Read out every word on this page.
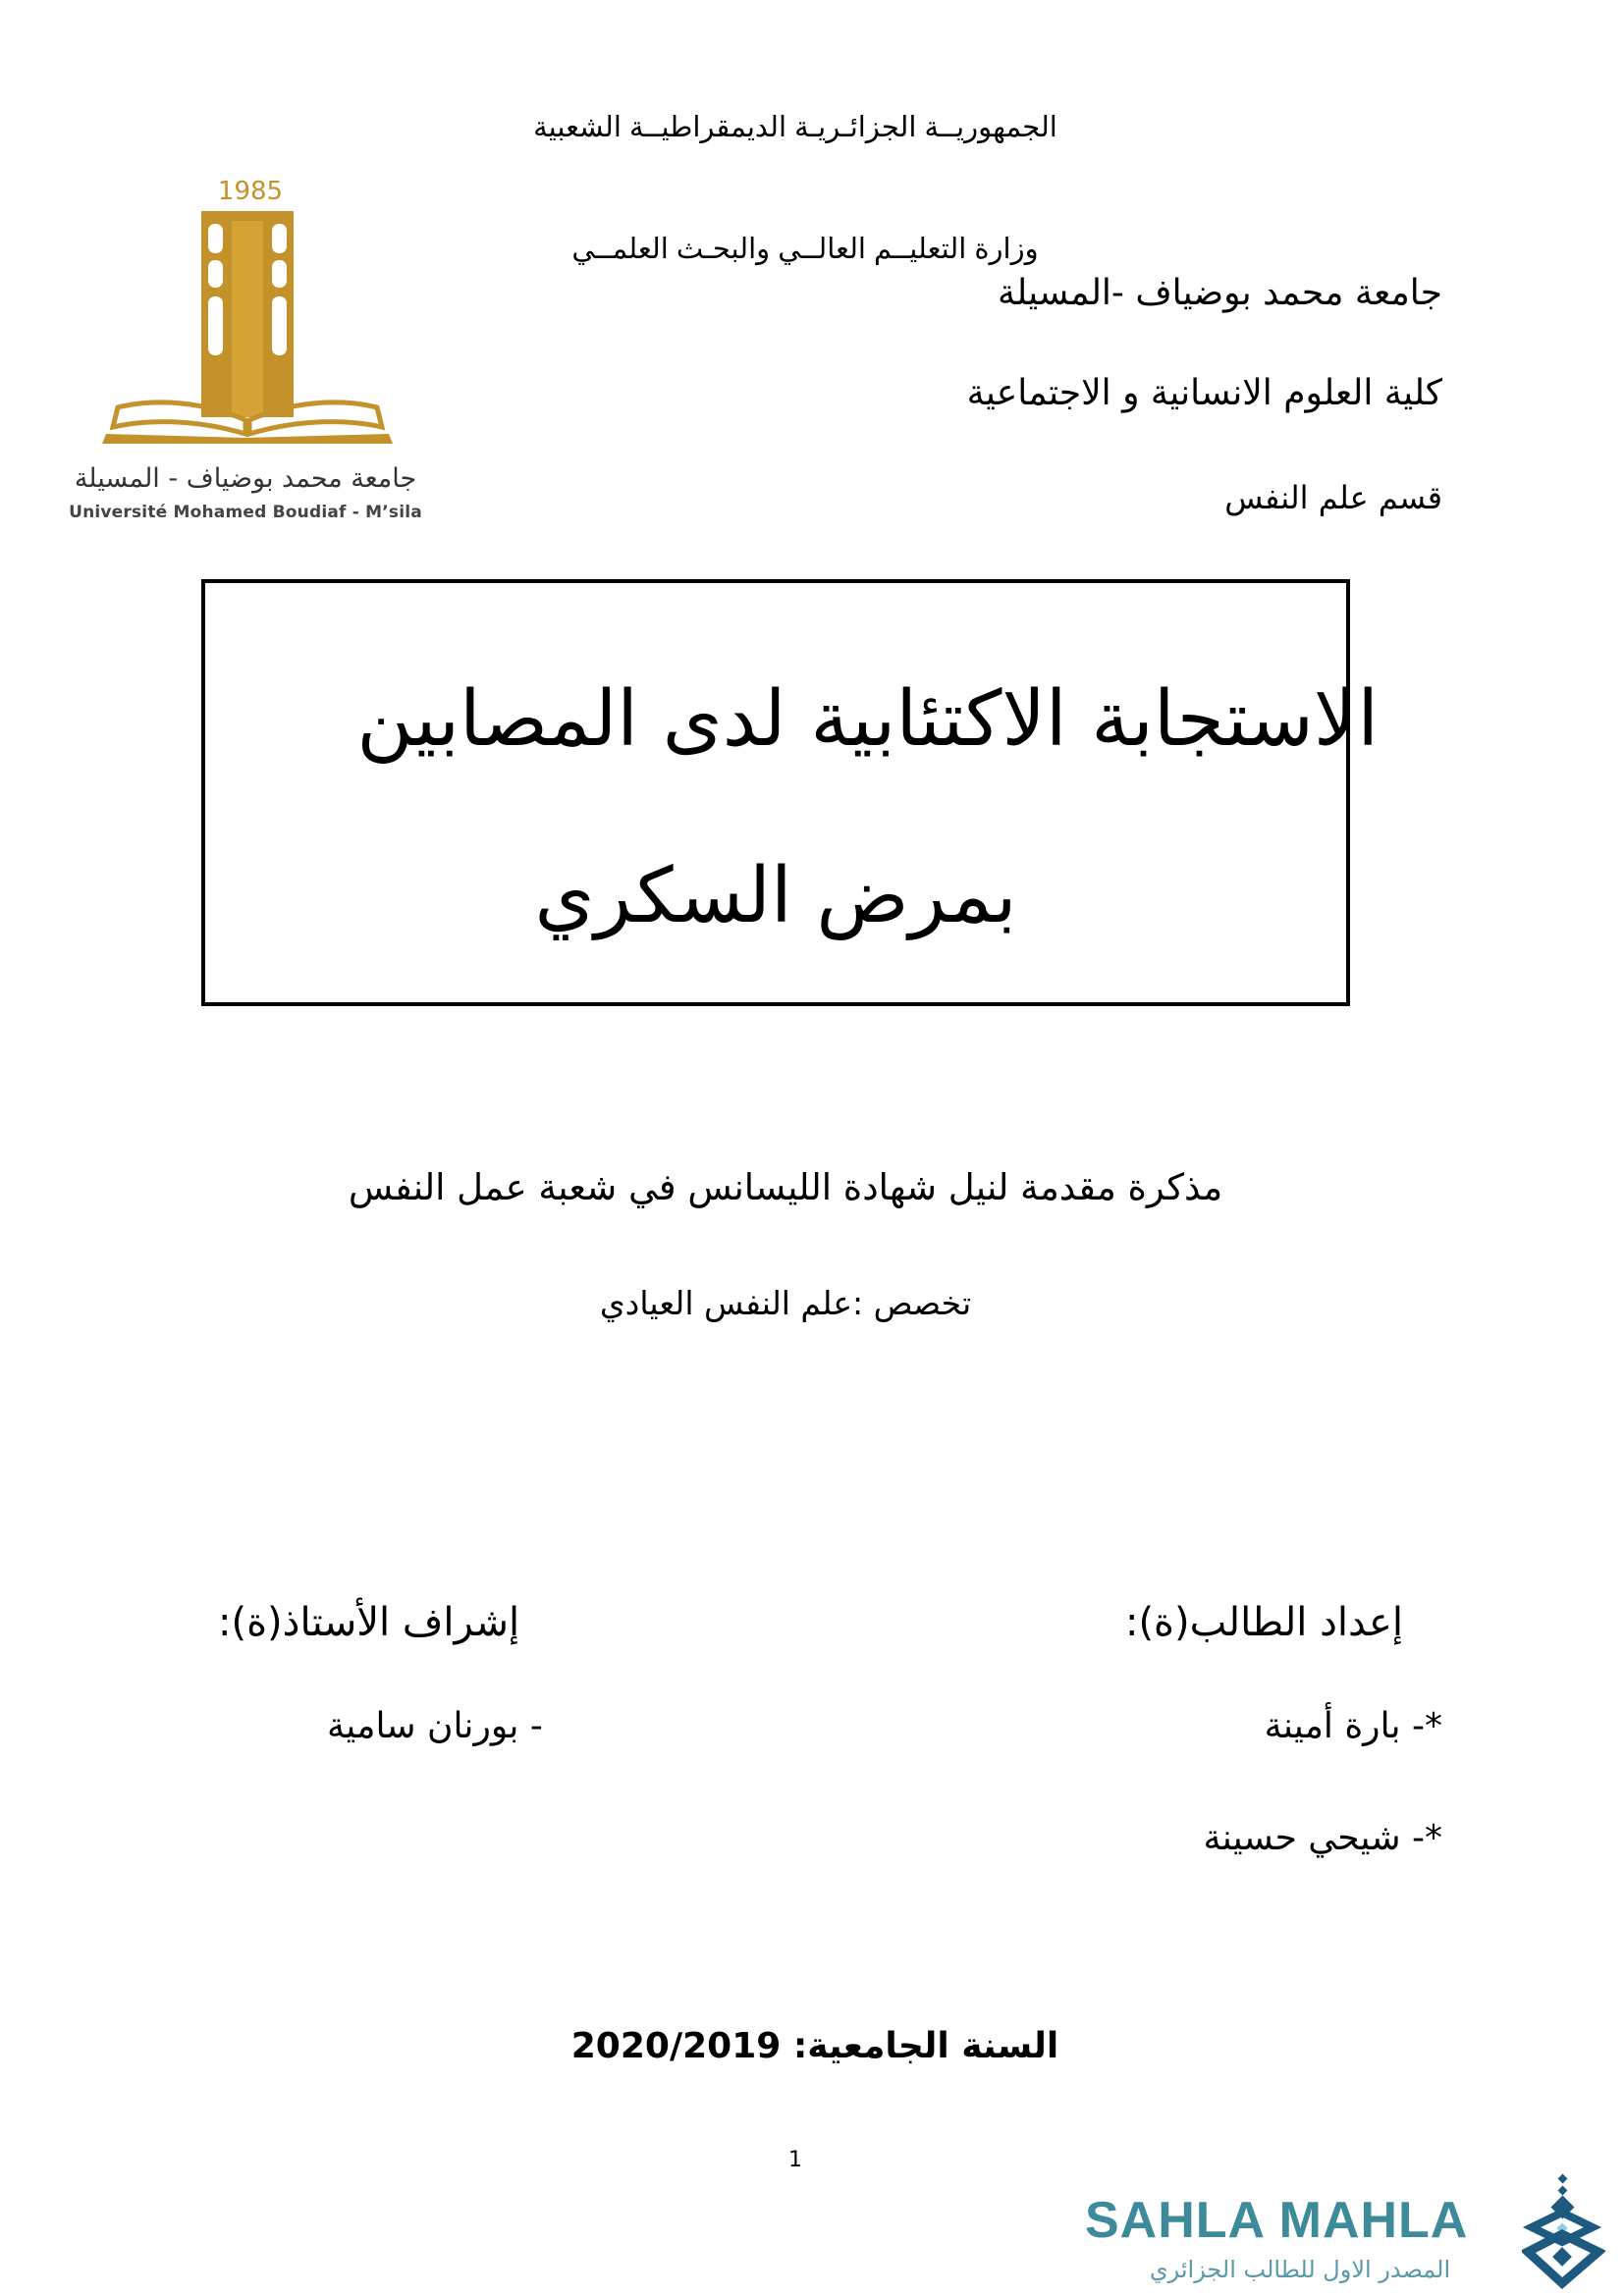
1985
جامعة محمد بوضياف - المسيلة
Université Mohamed Boudiaf - M’sila
الجمهوريــة الجزائـريـة الديمقراطيــة الشعبية
وزارة التعليــم العالــي والبحـث العلمــي
جامعة محمد بوضياف -المسيلة
كلية العلوم الانسانية و الاجتماعية
قسم علم النفس
الاستجابة الاكتئابية لدى المصابين
بمرض السكري
مذكرة مقدمة لنيل شهادة الليسانس في شعبة عمل النفس
تخصص :علم النفس العيادي
إعداد الطالب(ة):
إشراف الأستاذ(ة):
*- بارة أمينة
*- شيحي حسينة
- بورنان سامية
السنة الجامعية: 2020/2019
1
SAHLA MAHLA
المصدر الاول للطالب الجزائري
